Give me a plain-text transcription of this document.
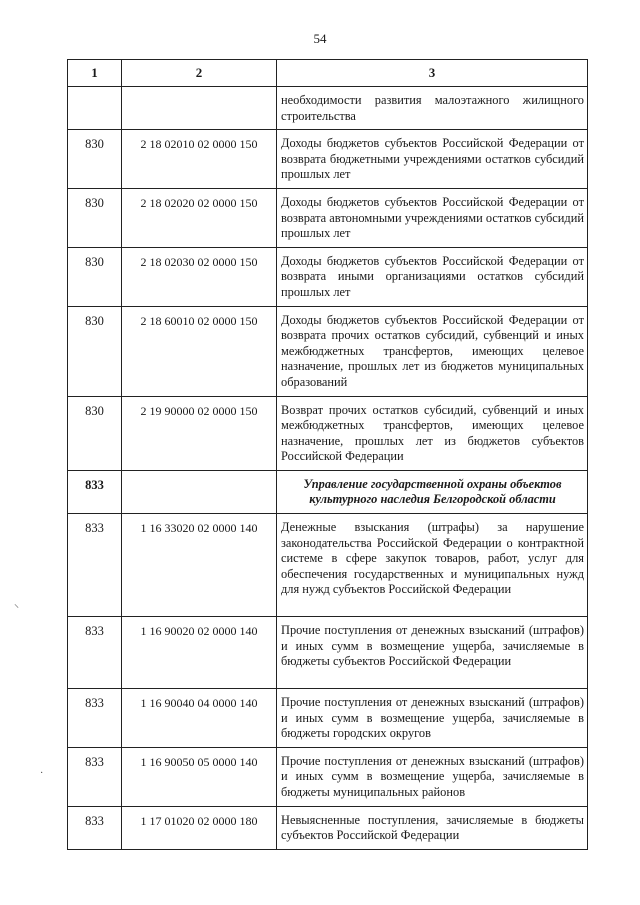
54
1	2	3
		необходимости развития малоэтажного жилищного строительства
830	2 18 02010 02 0000 150	Доходы бюджетов субъектов Российской Федерации от возврата бюджетными учреждениями остатков субсидий прошлых лет
830	2 18 02020 02 0000 150	Доходы бюджетов субъектов Российской Федерации от возврата автономными учреждениями остатков субсидий прошлых лет
830	2 18 02030 02 0000 150	Доходы бюджетов субъектов Российской Федерации от возврата иными организациями остатков субсидий прошлых лет
830	2 18 60010 02 0000 150	Доходы бюджетов субъектов Российской Федерации от возврата прочих остатков субсидий, субвенций и иных межбюджетных трансфертов, имеющих целевое назначение, прошлых лет из бюджетов муниципальных образований
830	2 19 90000 02 0000 150	Возврат прочих остатков субсидий, субвенций и иных межбюджетных трансфертов, имеющих целевое назначение, прошлых лет из бюджетов субъектов Российской Федерации
833		Управление государственной охраны объектов культурного наследия Белгородской области
833	1 16 33020 02 0000 140	Денежные взыскания (штрафы) за нарушение законодательства Российской Федерации о контрактной системе в сфере закупок товаров, работ, услуг для обеспечения государственных и муниципальных нужд для нужд субъектов Российской Федерации
833	1 16 90020 02 0000 140	Прочие поступления от денежных взысканий (штрафов) и иных сумм в возмещение ущерба, зачисляемые в бюджеты субъектов Российской Федерации
833	1 16 90040 04 0000 140	Прочие поступления от денежных взысканий (штрафов) и иных сумм в возмещение ущерба, зачисляемые в бюджеты городских округов
833	1 16 90050 05 0000 140	Прочие поступления от денежных взысканий (штрафов) и иных сумм в возмещение ущерба, зачисляемые в бюджеты муниципальных районов
833	1 17 01020 02 0000 180	Невыясненные поступления, зачисляемые в бюджеты субъектов Российской Федерации
⸜
·
